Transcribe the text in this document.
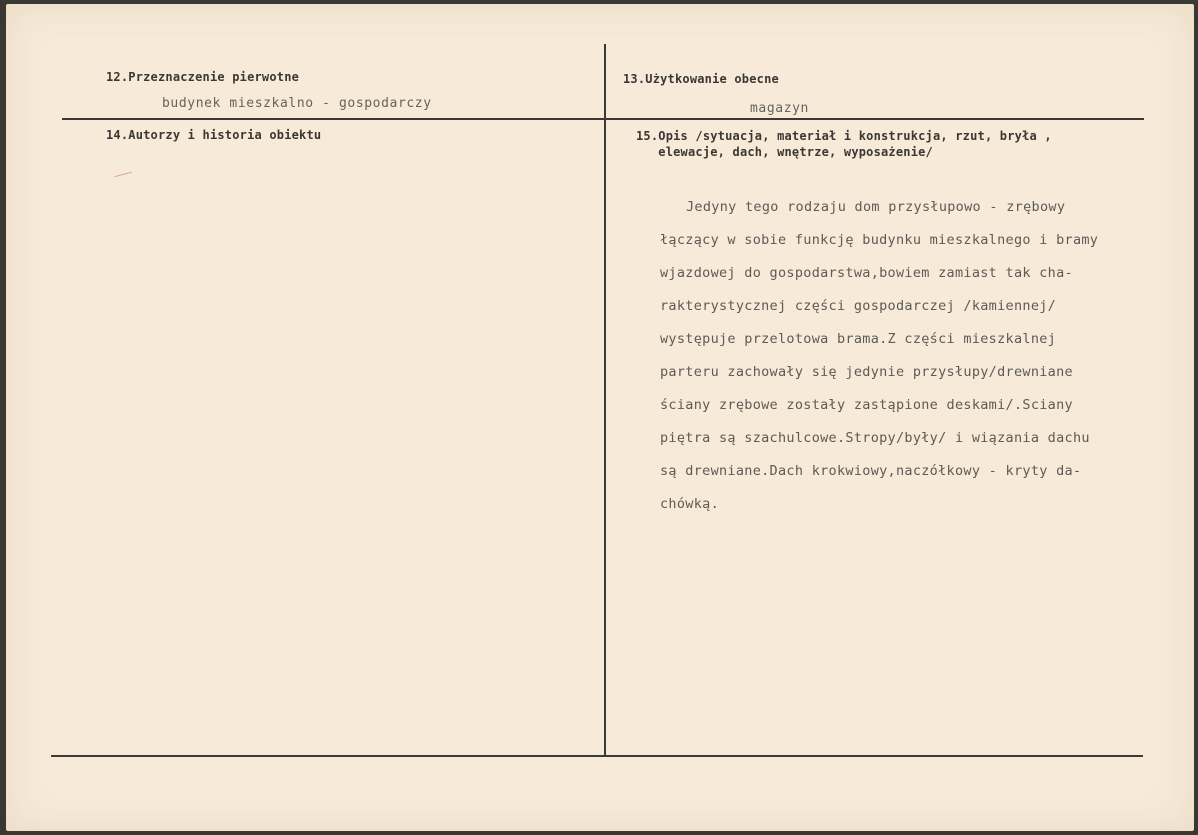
12.Przeznaczenie pierwotne
budynek mieszkalno - gospodarczy
13.Użytkowanie obecne
magazyn
14.Autorzy i historia obiektu	15.Opis /sytuacja, materiał i konstrukcja, rzut, bryła ,
elewacje, dach, wnętrze, wyposażenie/
Jedyny tego rodzaju dom przysłupowo - zrębowy
łączący w sobie funkcję budynku mieszkalnego i bramy
wjazdowej do gospodarstwa,bowiem zamiast tak cha-
rakterystycznej części gospodarczej /kamiennej/
występuje przelotowa brama.Z części mieszkalnej
parteru zachowały się jedynie przysłupy/drewniane
ściany zrębowe zostały zastąpione deskami/.Sciany
piętra są szachulcowe.Stropy/były/ i wiązania dachu
są drewniane.Dach krokwiowy,naczółkowy - kryty da-
chówką.
